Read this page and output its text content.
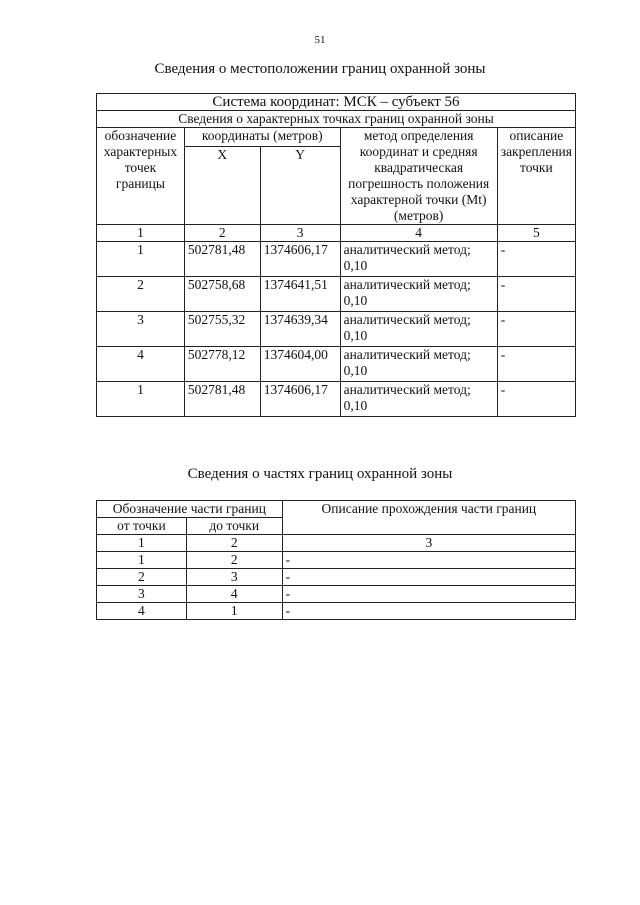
51
Сведения о местоположении границ охранной зоны
Система координат: МСК – субъект 56				
Сведения о характерных точках границ охранной зоны				
обозначение характерных точек границы	координаты (метров)		метод определения координат и средняя квадратическая погрешность положения характерной точки (Mt) (метров)	описание закрепления точки
	X	Y		
1	2	3	4	5
1	502781,48	1374606,17	аналитический метод; 0,10	-
2	502758,68	1374641,51	аналитический метод; 0,10	-
3	502755,32	1374639,34	аналитический метод; 0,10	-
4	502778,12	1374604,00	аналитический метод; 0,10	-
1	502781,48	1374606,17	аналитический метод; 0,10	-
Сведения о частях границ охранной зоны
Обозначение части границ		Описание прохождения части границ
от точки	до точки	
1	2	3
1	2	-
2	3	-
3	4	-
4	1	-
